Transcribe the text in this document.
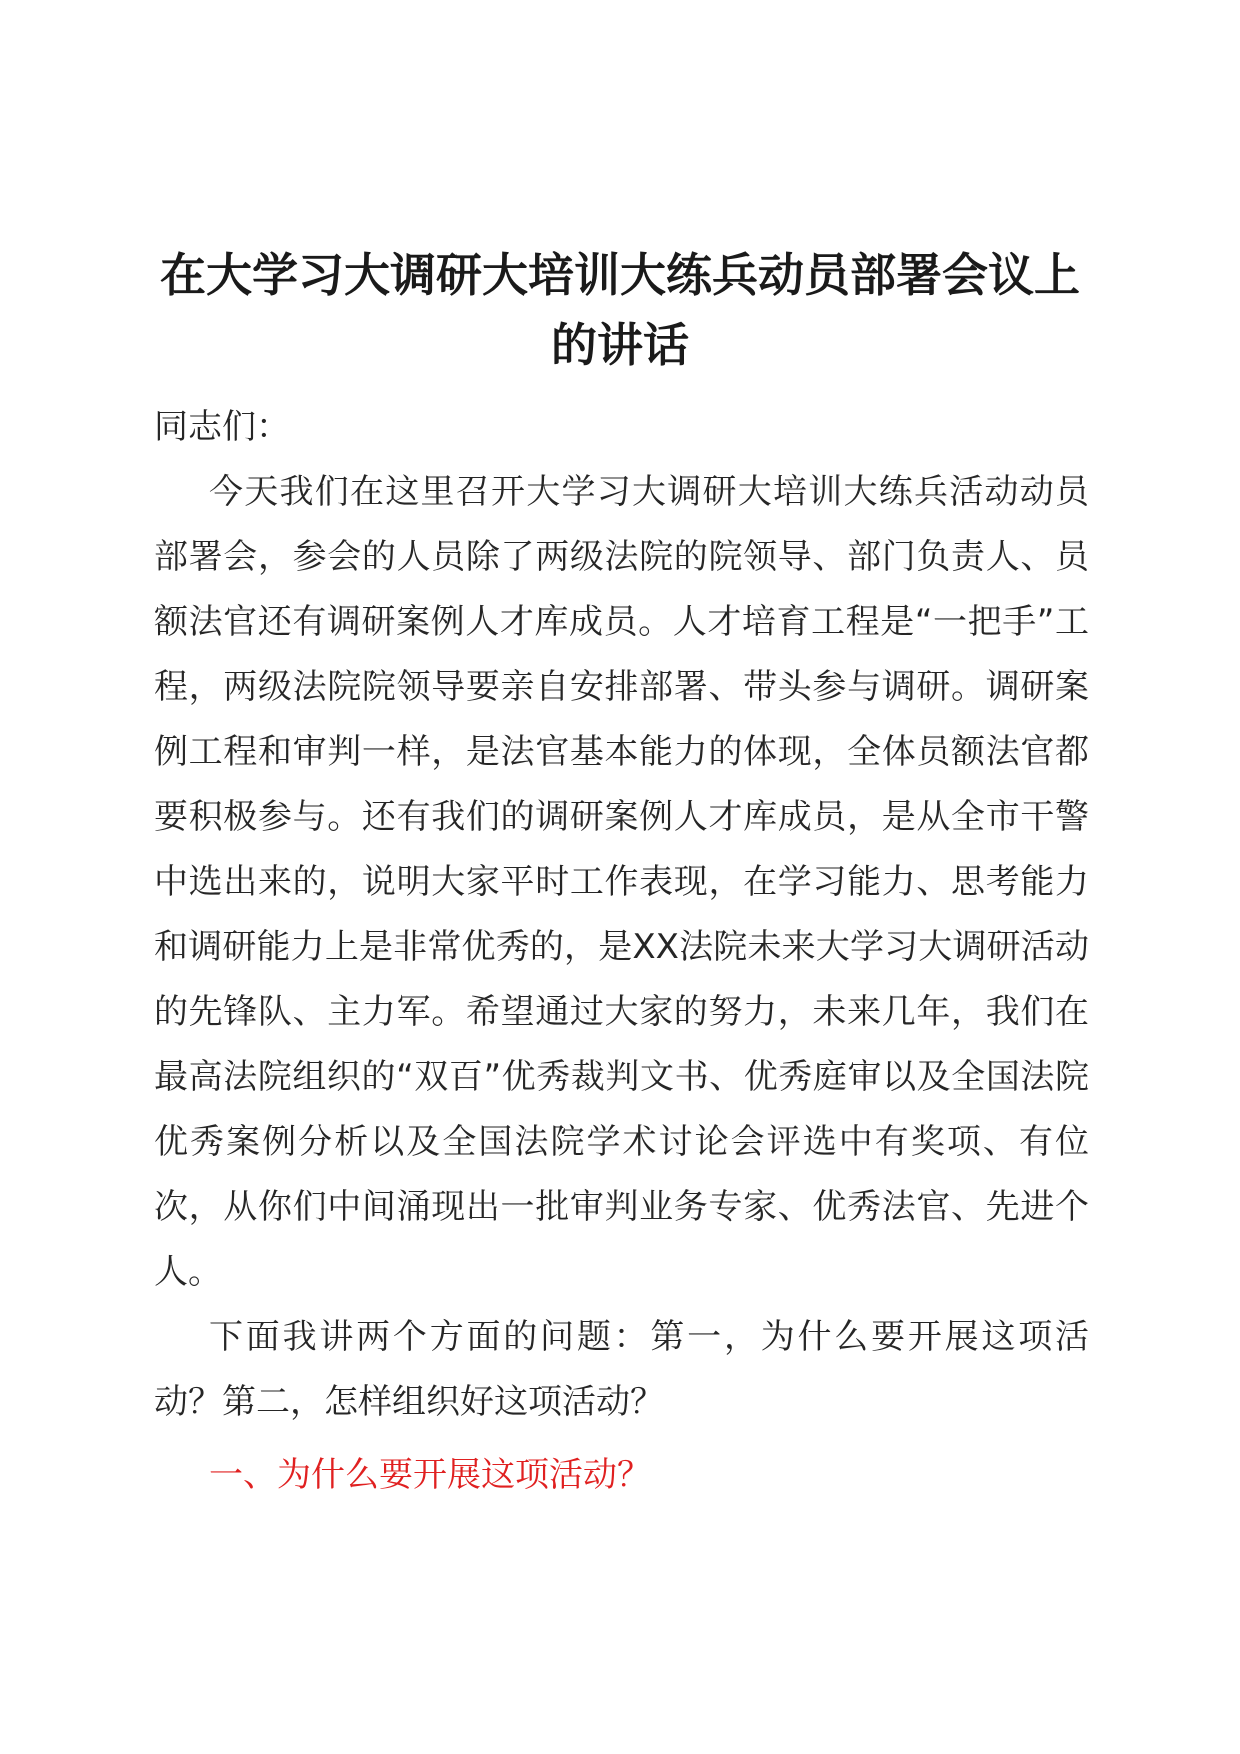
在大学习大调研大培训大练兵动员部署会议上的讲话

同志们：

今天我们在这里召开大学习大调研大培训大练兵活动动员部署会，参会的人员除了两级法院的院领导、部门负责人、员额法官还有调研案例人才库成员。人才培育工程是“一把手”工程，两级法院院领导要亲自安排部署、带头参与调研。调研案例工程和审判一样，是法官基本能力的体现，全体员额法官都要积极参与。还有我们的调研案例人才库成员，是从全市干警中选出来的，说明大家平时工作表现，在学习能力、思考能力和调研能力上是非常优秀的，是XX法院未来大学习大调研活动的先锋队、主力军。希望通过大家的努力，未来几年，我们在最高法院组织的“双百”优秀裁判文书、优秀庭审以及全国法院优秀案例分析以及全国法院学术讨论会评选中有奖项、有位次，从你们中间涌现出一批审判业务专家、优秀法官、先进个人。

下面我讲两个方面的问题：第一，为什么要开展这项活动？第二，怎样组织好这项活动？

一、为什么要开展这项活动？
